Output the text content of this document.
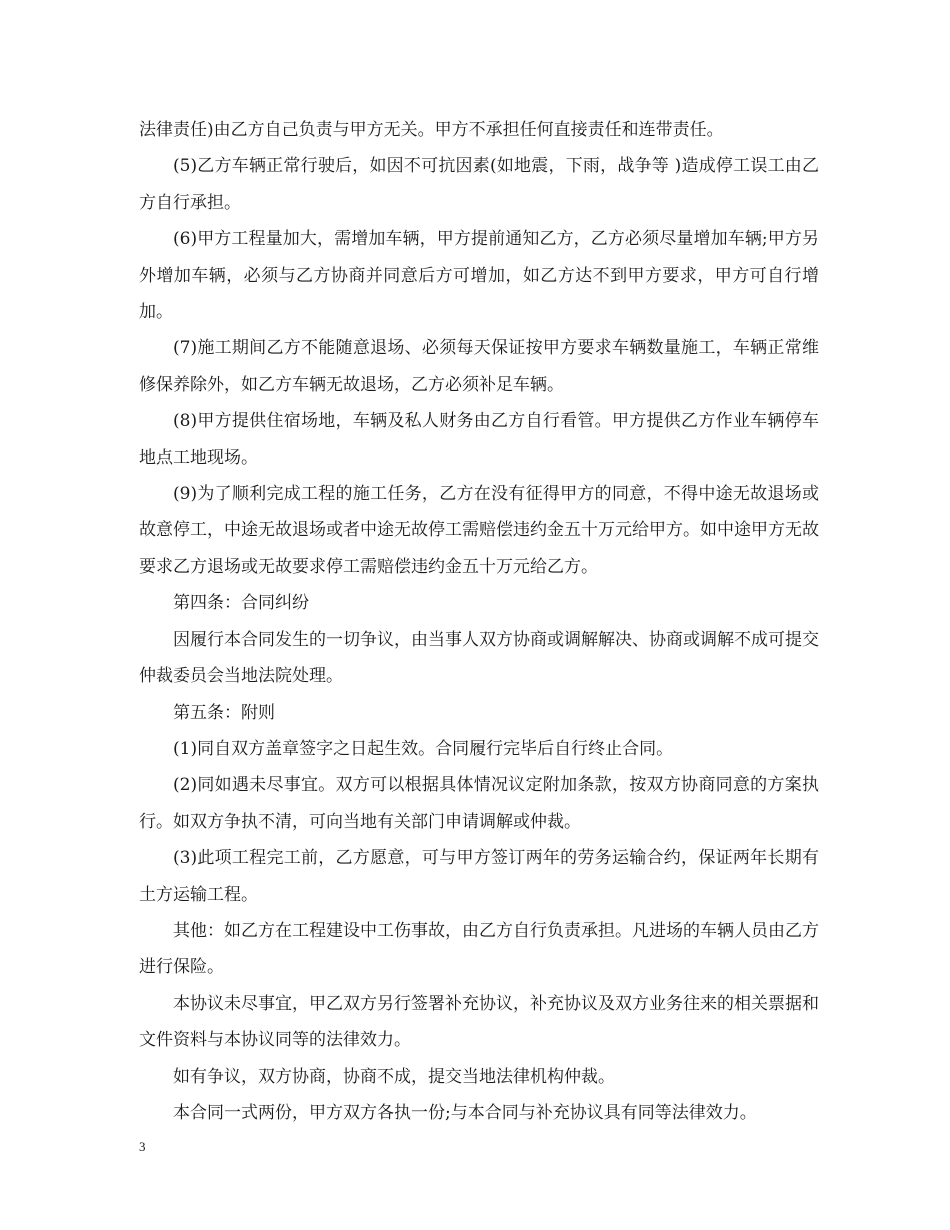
法律责任)由乙方自己负责与甲方无关。甲方不承担任何直接责任和连带责任。

(5)乙方车辆正常行驶后，如因不可抗因素(如地震，下雨，战争等 )造成停工误工由乙方自行承担。

(6)甲方工程量加大，需增加车辆，甲方提前通知乙方，乙方必须尽量增加车辆;甲方另外增加车辆，必须与乙方协商并同意后方可增加，如乙方达不到甲方要求，甲方可自行增加。

(7)施工期间乙方不能随意退场、必须每天保证按甲方要求车辆数量施工，车辆正常维修保养除外，如乙方车辆无故退场，乙方必须补足车辆。

(8)甲方提供住宿场地，车辆及私人财务由乙方自行看管。甲方提供乙方作业车辆停车地点工地现场。

(9)为了顺利完成工程的施工任务，乙方在没有征得甲方的同意，不得中途无故退场或故意停工，中途无故退场或者中途无故停工需赔偿违约金五十万元给甲方。如中途甲方无故要求乙方退场或无故要求停工需赔偿违约金五十万元给乙方。

第四条：合同纠纷

因履行本合同发生的一切争议，由当事人双方协商或调解解决、协商或调解不成可提交仲裁委员会当地法院处理。

第五条：附则

(1)同自双方盖章签字之日起生效。合同履行完毕后自行终止合同。

(2)同如遇未尽事宜。双方可以根据具体情况议定附加条款，按双方协商同意的方案执行。如双方争执不清，可向当地有关部门申请调解或仲裁。

(3)此项工程完工前，乙方愿意，可与甲方签订两年的劳务运输合约，保证两年长期有土方运输工程。

其他：如乙方在工程建设中工伤事故，由乙方自行负责承担。凡进场的车辆人员由乙方进行保险。

本协议未尽事宜，甲乙双方另行签署补充协议，补充协议及双方业务往来的相关票据和文件资料与本协议同等的法律效力。

如有争议，双方协商，协商不成，提交当地法律机构仲裁。

本合同一式两份，甲方双方各执一份;与本合同与补充协议具有同等法律效力。

3
